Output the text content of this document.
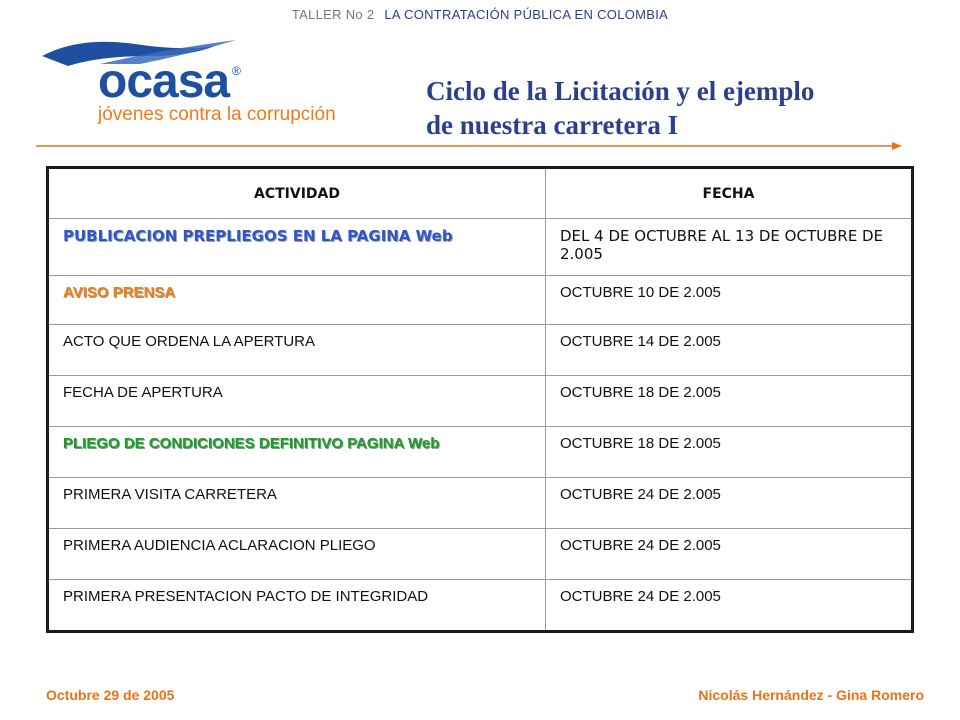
TALLER No 2 LA CONTRATACIÓN PÚBLICA EN COLOMBIA
ocasa ®
jóvenes contra la corrupción
Ciclo de la Licitación y el ejemplo
de nuestra carretera I
ACTIVIDAD	FECHA
PUBLICACION PREPLIEGOS EN LA PAGINA Web	DEL 4 DE OCTUBRE AL 13 DE OCTUBRE DE 2.005
AVISO PRENSA	OCTUBRE 10 DE 2.005
ACTO QUE ORDENA LA APERTURA	OCTUBRE 14 DE 2.005
FECHA DE APERTURA	OCTUBRE 18 DE 2.005
PLIEGO DE CONDICIONES DEFINITIVO PAGINA Web	OCTUBRE 18 DE 2.005
PRIMERA VISITA CARRETERA	OCTUBRE 24 DE 2.005
PRIMERA AUDIENCIA ACLARACION PLIEGO	OCTUBRE 24 DE 2.005
PRIMERA PRESENTACION PACTO DE INTEGRIDAD	OCTUBRE 24 DE 2.005
Octubre 29 de 2005	Nicolás Hernández - Gina Romero
